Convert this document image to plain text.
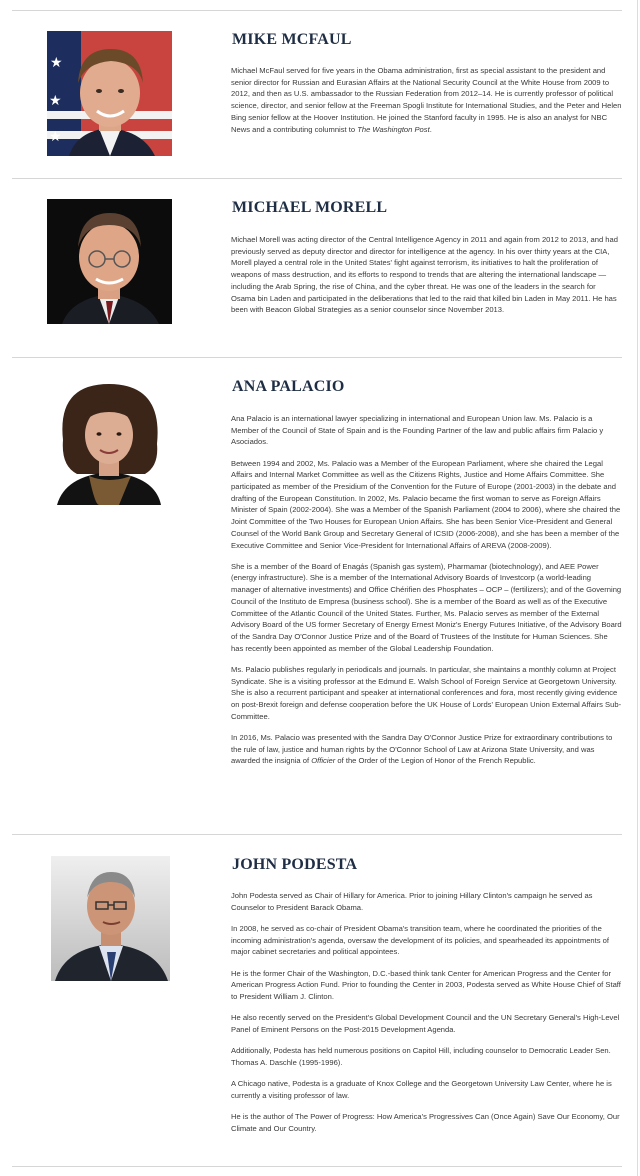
★
★
★
MIKE MCFAUL

Michael McFaul served for five years in the Obama administration, first as special assistant to the president and senior director for Russian and Eurasian Affairs at the National Security Council at the White House from 2009 to 2012, and then as U.S. ambassador to the Russian Federation from 2012–14. He is currently professor of political science, director, and senior fellow at the Freeman Spogli Institute for International Studies, and the Peter and Helen Bing senior fellow at the Hoover Institution. He joined the Stanford faculty in 1995. He is also an analyst for NBC News and a contributing columnist to The Washington Post.

MICHAEL MORELL

Michael Morell was acting director of the Central Intelligence Agency in 2011 and again from 2012 to 2013, and had previously served as deputy director and director for intelligence at the agency. In his over thirty years at the CIA, Morell played a central role in the United States' fight against terrorism, its initiatives to halt the proliferation of weapons of mass destruction, and its efforts to respond to trends that are altering the international landscape — including the Arab Spring, the rise of China, and the cyber threat. He was one of the leaders in the search for Osama bin Laden and participated in the deliberations that led to the raid that killed bin Laden in May 2011. He has been with Beacon Global Strategies as a senior counselor since November 2013.

ANA PALACIO

Ana Palacio is an international lawyer specializing in international and European Union law. Ms. Palacio is a Member of the Council of State of Spain and is the Founding Partner of the law and public affairs firm Palacio y Asociados.

Between 1994 and 2002, Ms. Palacio was a Member of the European Parliament, where she chaired the Legal Affairs and Internal Market Committee as well as the Citizens Rights, Justice and Home Affairs Committee. She participated as member of the Presidium of the Convention for the Future of Europe (2001-2003) in the debate and drafting of the European Constitution. In 2002, Ms. Palacio became the first woman to serve as Foreign Affairs Minister of Spain (2002-2004). She was a Member of the Spanish Parliament (2004 to 2006), where she chaired the Joint Committee of the Two Houses for European Union Affairs. She has been Senior Vice-President and General Counsel of the World Bank Group and Secretary General of ICSID (2006-2008), and she has been a member of the Executive Committee and Senior Vice-President for International Affairs of AREVA (2008-2009).

She is a member of the Board of Enagás (Spanish gas system), Pharmamar (biotechnology), and AEE Power (energy infrastructure). She is a member of the International Advisory Boards of Investcorp (a world-leading manager of alternative investments) and Office Chérifien des Phosphates – OCP – (fertilizers); and of the Governing Council of the Instituto de Empresa (business school). She is a member of the Board as well as of the Executive Committee of the Atlantic Council of the United States. Further, Ms. Palacio serves as member of the External Advisory Board of the US former Secretary of Energy Ernest Moniz's Energy Futures Initiative, of the Advisory Board of the Sandra Day O'Connor Justice Prize and of the Board of Trustees of the Institute for Human Sciences. She has recently been appointed as member of the Global Leadership Foundation.

Ms. Palacio publishes regularly in periodicals and journals. In particular, she maintains a monthly column at Project Syndicate. She is a visiting professor at the Edmund E. Walsh School of Foreign Service at Georgetown University. She is also a recurrent participant and speaker at international conferences and fora, most recently giving evidence on post-Brexit foreign and defense cooperation before the UK House of Lords' European Union External Affairs Sub-Committee.

In 2016, Ms. Palacio was presented with the Sandra Day O'Connor Justice Prize for extraordinary contributions to the rule of law, justice and human rights by the O'Connor School of Law at Arizona State University, and was awarded the insignia of Officier of the Order of the Legion of Honor of the French Republic.

JOHN PODESTA

John Podesta served as Chair of Hillary for America. Prior to joining Hillary Clinton's campaign he served as Counselor to President Barack Obama.

In 2008, he served as co-chair of President Obama's transition team, where he coordinated the priorities of the incoming administration's agenda, oversaw the development of its policies, and spearheaded its appointments of major cabinet secretaries and political appointees.

He is the former Chair of the Washington, D.C.-based think tank Center for American Progress and the Center for American Progress Action Fund. Prior to founding the Center in 2003, Podesta served as White House Chief of Staff to President William J. Clinton.

He also recently served on the President's Global Development Council and the UN Secretary General's High-Level Panel of Eminent Persons on the Post-2015 Development Agenda.

Additionally, Podesta has held numerous positions on Capitol Hill, including counselor to Democratic Leader Sen. Thomas A. Daschle (1995-1996).

A Chicago native, Podesta is a graduate of Knox College and the Georgetown University Law Center, where he is currently a visiting professor of law.

He is the author of The Power of Progress: How America's Progressives Can (Once Again) Save Our Economy, Our Climate and Our Country.
